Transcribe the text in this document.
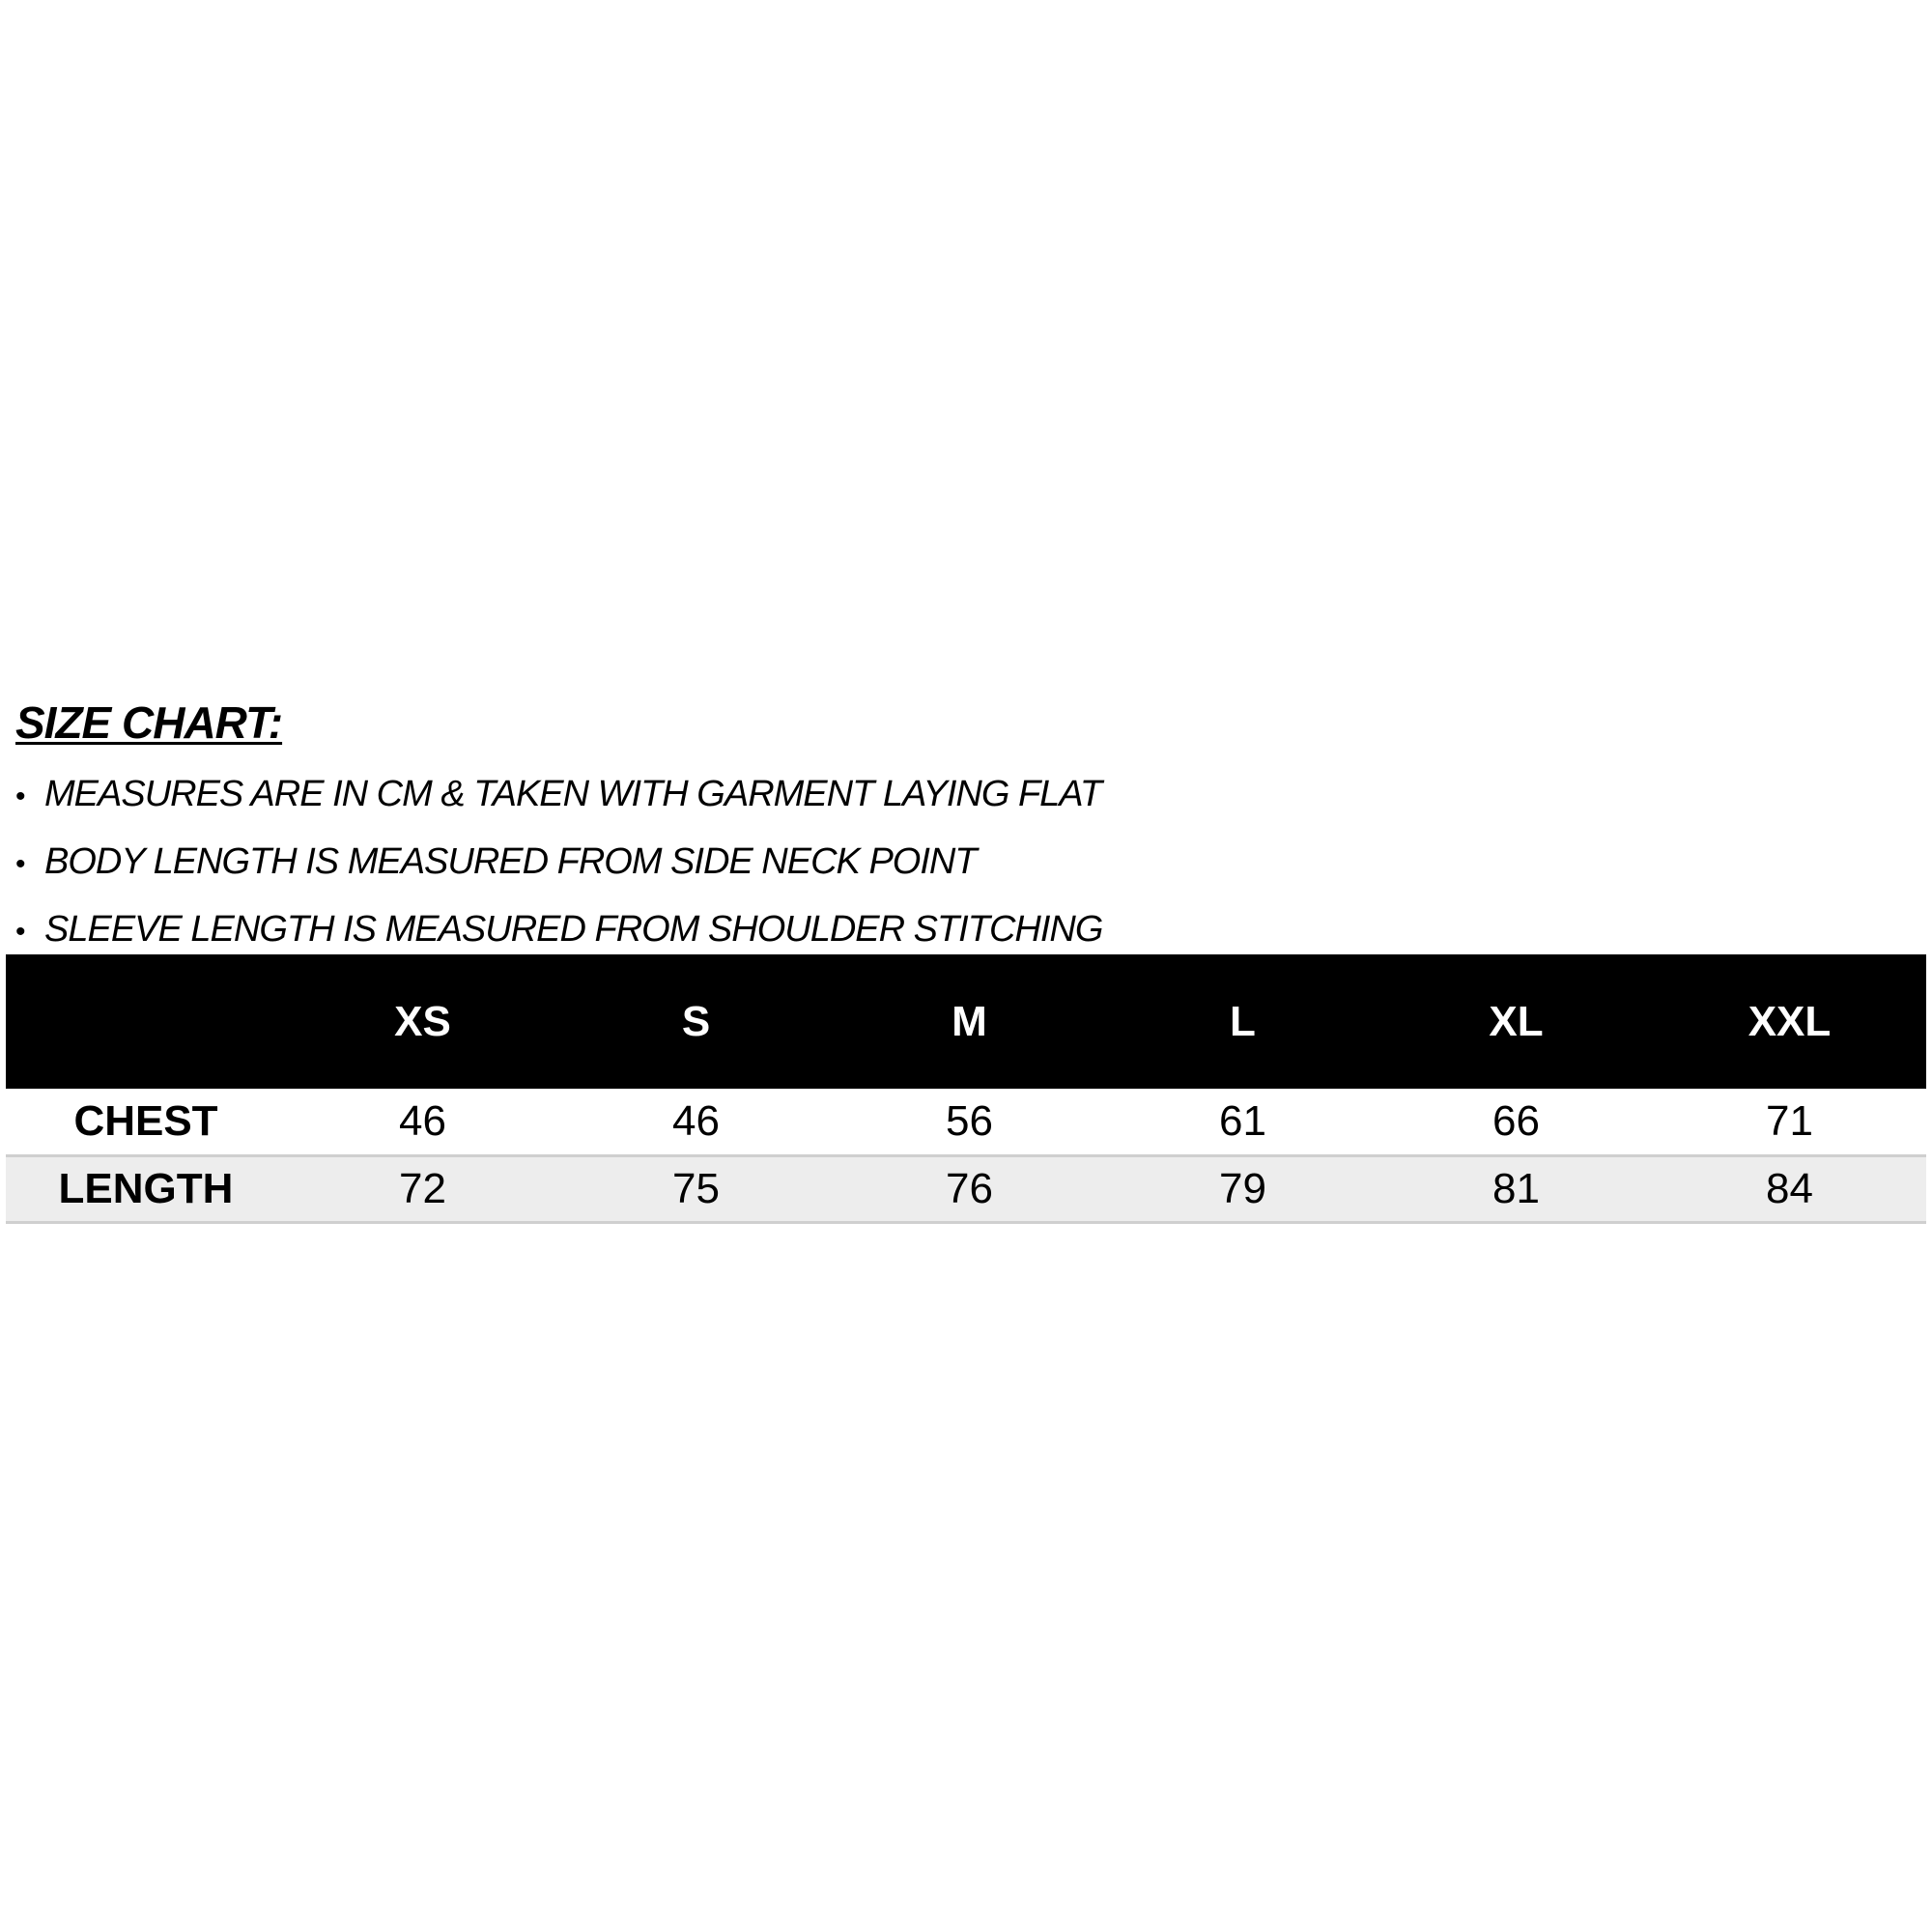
SIZE CHART:
• MEASURES ARE IN CM & TAKEN WITH GARMENT LAYING FLAT
• BODY LENGTH IS MEASURED FROM SIDE NECK POINT
• SLEEVE LENGTH IS MEASURED FROM SHOULDER STITCHING
	XS	S	M	L	XL	XXL
CHEST	46	46	56	61	66	71
LENGTH	72	75	76	79	81	84
